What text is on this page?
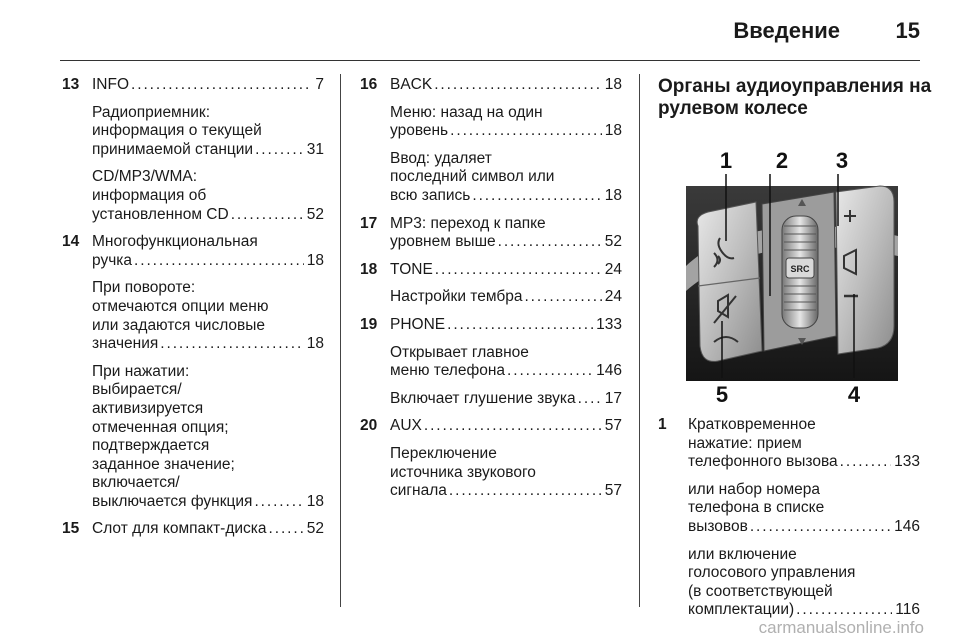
Введение	15
13 INFO . . .	7
Радиоприемник:
информация о текущей
принимаемой станции . . .	31
CD/MP3/WMA:
информация об
установленном CD . . .	52
14 Многофункциональная
ручка . . .	18
При повороте:
отмечаются опции меню
или задаются числовые
значения . . .	18
При нажатии:
выбирается/
активизируется
отмеченная опция;
подтверждается
заданное значение;
включается/
выключается функция . . .	18
15 Слот для компакт-диска . . .	52
16 BACK . . .	18
Меню: назад на один
уровень . . .	18
Ввод: удаляет
последний символ или
всю запись . . .	18
17 MP3: переход к папке
уровнем выше . . .	52
18 TONE . . .	24
Настройки тембра . . .	24
19 PHONE . . .	133
Открывает главное
меню телефона . . .	146
Включает глушение звука . . . 17
20 AUX . . .	57
Переключение
источника звукового
сигнала . . .	57
Органы аудиоуправления на
рулевом колесе
SRC
1 2 3
4
5
1	Кратковременное
нажатие: прием
телефонного вызова . . .	133
или набор номера
телефона в списке
вызовов . . .	146
или включение
голосового управления
(в соответствующей
комплектации) . . .	116
carmanualsonline.info
